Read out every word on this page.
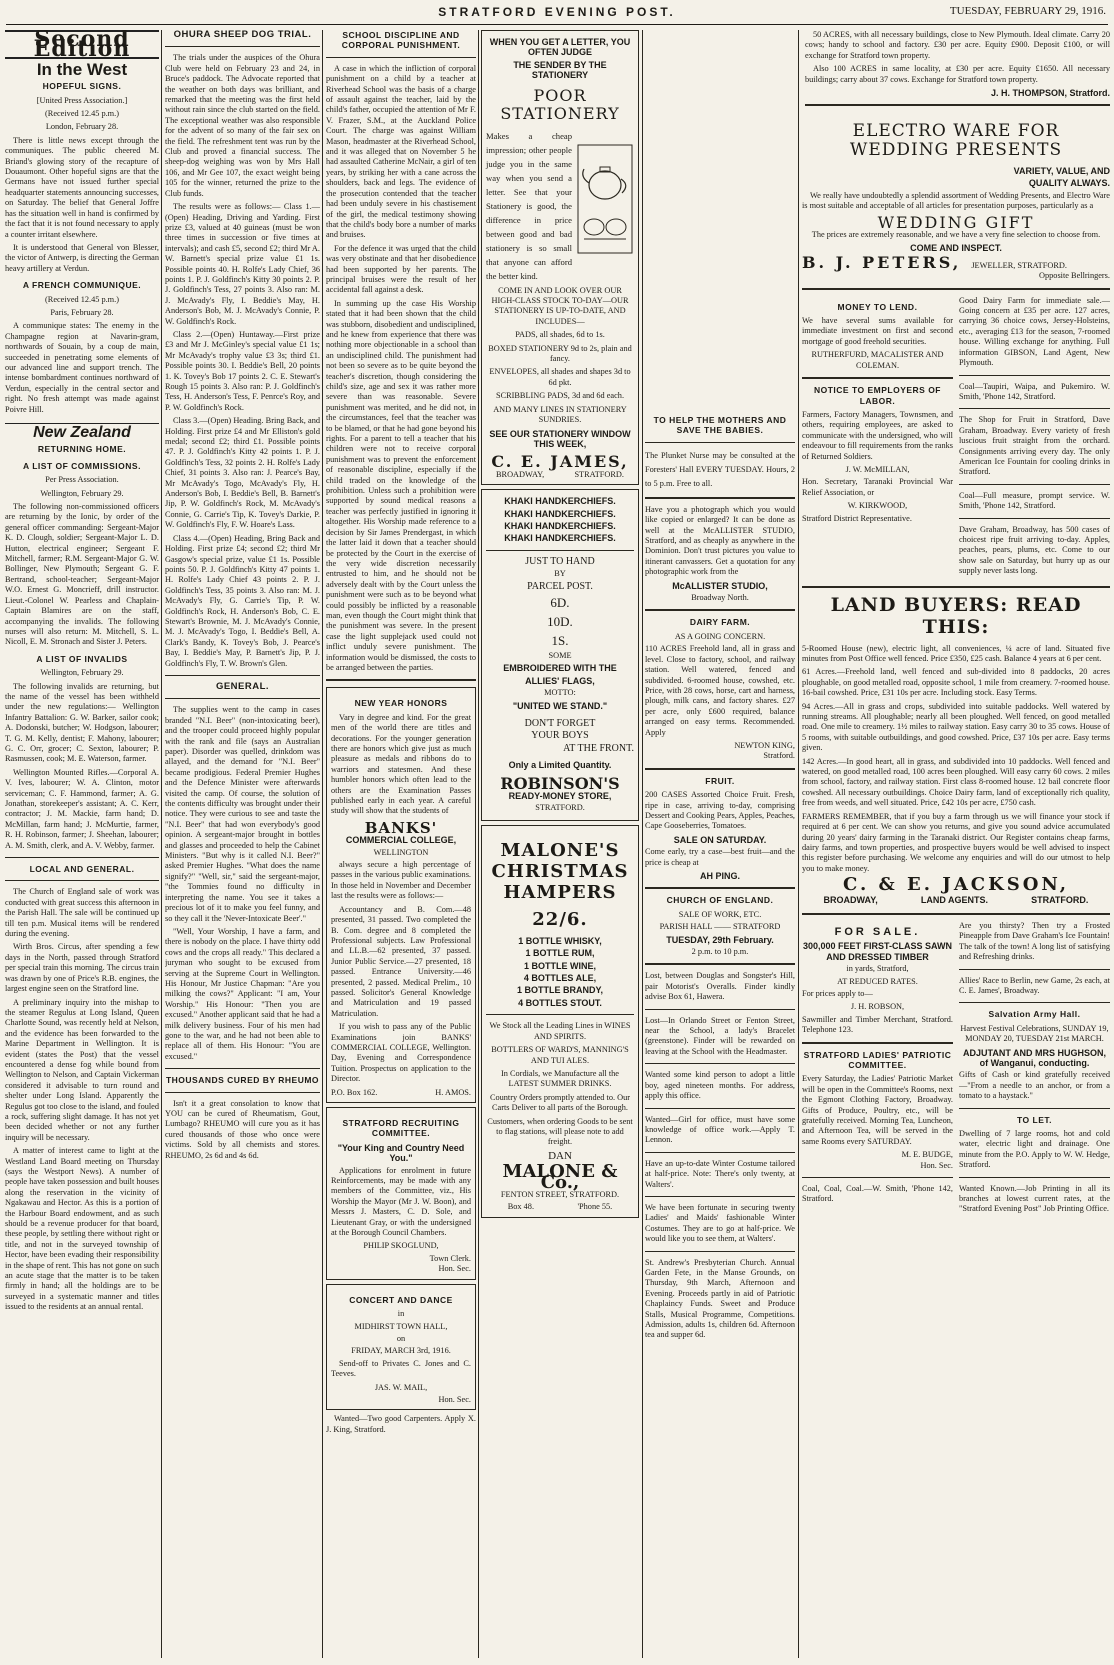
STRATFORD EVENING POST.	TUESDAY, FEBRUARY 29, 1916.
Second Edition
In the West
HOPEFUL SIGNS.

[United Press Association.]

(Received 12.45 p.m.)

London, February 28.

There is little news except through the communiques. The public cheered M. Briand's glowing story of the recapture of Douaumont. Other hopeful signs are that the Germans have not issued further special headquarter statements announcing successes, on Saturday. The belief that General Joffre has the situation well in hand is confirmed by the fact that it is not found necessary to apply a counter irritant elsewhere.

It is understood that General von Blesser, the victor of Antwerp, is directing the German heavy artillery at Verdun.

A FRENCH COMMUNIQUE.

(Received 12.45 p.m.)

Paris, February 28.

A communique states: The enemy in the Champagne region at Navarin-gram, northwards of Souain, by a coup de main, succeeded in penetrating some elements of our advanced line and support trench. The intense bombardment continues northward of Verdun, especially in the central sector and right. No fresh attempt was made against Poivre Hill.

New Zealand
RETURNING HOME.
A LIST OF COMMISSIONS.

Per Press Association.

Wellington, February 29.

The following non-commissioned officers are returning by the Ionic, by order of the general officer commanding: Sergeant-Major K. D. Clough, soldier; Sergeant-Major L. D. Hutton, electrical engineer; Sergeant F. Mitchell, farmer; R.M. Sergeant-Major G. W. Bollinger, New Plymouth; Sergeant G. F. Bertrand, school-teacher; Sergeant-Major W.O. Ernest G. Moncrieff, drill instructor. Lieut.-Colonel W. Pearless and Chaplain-Captain Blamires are on the staff, accompanying the invalids. The following nurses will also return: M. Mitchell, S. L. Nicoll, E. M. Stronach and Sister J. Peters.

A LIST OF INVALIDS

Wellington, February 29.

The following invalids are returning, but the name of the vessel has been withheld under the new regulations:— Wellington Infantry Battalion: G. W. Barker, sailor cook; A. Dodonski, butcher; W. Hodgson, labourer; T. G. M. Kelly, dentist; F. Mahony, labourer; G. C. Orr, grocer; C. Sexton, labourer; P. Rasmussen, cook; M. E. Waterson, farmer.

Wellington Mounted Rifles.—Corporal A. V. Ives, labourer; W. A. Clinton, motor serviceman; C. F. Hammond, farmer; A. G. Jonathan, storekeeper's assistant; A. C. Kerr, contractor; J. M. Mackie, farm hand; D. McMillan, farm hand; J. McMurtie, farmer, R. H. Robinson, farmer; J. Sheehan, labourer; A. M. Smith, clerk, and A. V. Webby, farmer.

LOCAL AND GENERAL.

The Church of England sale of work was conducted with great success this afternoon in the Parish Hall. The sale will be continued up till ten p.m. Musical items will be rendered during the evening.

Wirth Bros. Circus, after spending a few days in the North, passed through Stratford per special train this morning. The circus train was drawn by one of Price's R.B. engines, the largest engine seen on the Stratford line.

A preliminary inquiry into the mishap to the steamer Regulus at Long Island, Queen Charlotte Sound, was recently held at Nelson, and the evidence has been forwarded to the Marine Department in Wellington. It is evident (states the Post) that the vessel encountered a dense fog while bound from Wellington to Nelson, and Captain Vickerman considered it advisable to turn round and shelter under Long Island. Apparently the Regulus got too close to the island, and fouled a rock, suffering slight damage. It has not yet been decided whether or not any further inquiry will be necessary.

A matter of interest came to light at the Westland Land Board meeting on Thursday (says the Westport News). A number of people have taken possession and built houses along the reservation in the vicinity of Ngakawau and Hector. As this is a portion of the Harbour Board endowment, and as such should be a revenue producer for that board, these people, by settling there without right or title, and not in the surveyed township of Hector, have been evading their responsibility in the shape of rent. This has not gone on such an acute stage that the matter is to be taken firmly in hand; all the holdings are to be surveyed in a systematic manner and titles issued to the residents at an annual rental.

OHURA SHEEP DOG TRIAL.

The trials under the auspices of the Ohura Club were held on February 23 and 24, in Bruce's paddock. The Advocate reported that the weather on both days was brilliant, and remarked that the meeting was the first held without rain since the club started on the field. The exceptional weather was also responsible for the advent of so many of the fair sex on the field. The refreshment tent was run by the Club and proved a financial success. The sheep-dog weighing was won by Mrs Hall 106, and Mr Gee 107, the exact weight being 105 for the winner, returned the prize to the Club funds.

The results were as follows:— Class 1.—(Open) Heading, Driving and Yarding. First prize £3, valued at 40 guineas (must be won three times in succession or five times at intervals); and cash £5, second £2; third Mr A. W. Barnett's special prize value £1 1s. Possible points 40. H. Rolfe's Lady Chief, 36 points 1. P. J. Goldfinch's Kitty 30 points 2. P. J. Goldfinch's Tess, 27 points 3. Also ran: M. J. McAvady's Fly, I. Beddie's May, H. Anderson's Bob, M. J. McAvady's Connie, P. W. Goldfinch's Rock.

Class 2.—(Open) Huntaway.—First prize £3 and Mr J. McGinley's special value £1 1s; Mr McAvady's trophy value £3 3s; third £1. Possible points 30. I. Beddie's Bell, 20 points 1. K. Tovey's Bob 17 points 2. C. E. Stewart's Rough 15 points 3. Also ran: P. J. Goldfinch's Tess, H. Anderson's Tess, F. Penrce's Roy, and P. W. Goldfinch's Rock.

Class 3.—(Open) Heading. Bring Back, and Holding. First prize £4 and Mr Elliston's gold medal; second £2; third £1. Possible points 47. P. J. Goldfinch's Kitty 42 points 1. P. J. Goldfinch's Tess, 32 points 2. H. Rolfe's Lady Chief, 31 points 3. Also ran: J. Pearce's Bay, Mr McAvady's Togo, McAvady's Fly, H. Anderson's Bob, I. Beddie's Bell, B. Barnett's Jip, P. W. Goldfinch's Rock, M. McAvady's Connie, G. Carrie's Tip, K. Tovey's Darkie, P. W. Goldfinch's Fly, F. W. Hoare's Lass.

Class 4.—(Open) Heading, Bring Back and Holding. First prize £4; second £2; third Mr Gasgow's special prize, value £1 1s. Possible points 50. P. J. Goldfinch's Kitty 47 points 1. H. Rolfe's Lady Chief 43 points 2. P. J. Goldfinch's Tess, 35 points 3. Also ran: M. J. McAvady's Fly, G. Carrie's Tip, P. W. Goldfinch's Rock, H. Anderson's Bob, C. E. Stewart's Brownie, M. J. McAvady's Connie, M. J. McAvady's Togo, I. Beddie's Bell, A. Clark's Bandy, K. Tovey's Bob, J. Pearce's Bay, I. Beddie's May, P. Barnett's Jip, P. J. Goldfinch's Fly, T. W. Brown's Glen.

GENERAL.

The supplies went to the camp in cases branded "N.I. Beer" (non-intoxicating beer), and the trooper could proceed highly popular with the rank and file (says an Australian paper). Disorder was quelled, drinkdom was allayed, and the demand for "N.I. Beer" became prodigious. Federal Premier Hughes and the Defence Minister were afterwards visited the camp. Of course, the solution of the contents difficulty was brought under their notice. They were curious to see and taste the "N.I. Beer" that had won everybody's good opinion. A sergeant-major brought in bottles and glasses and proceeded to help the Cabinet Ministers. "But why is it called N.I. Beer?" asked Premier Hughes. "What does the name signify?" "Well, sir," said the sergeant-major, "the Tommies found no difficulty in interpreting the name. You see it takes a precious lot of it to make you feel funny, and so they call it the 'Never-Intoxicate Beer'."

"Well, Your Worship, I have a farm, and there is nobody on the place. I have thirty odd cows and the crops all ready." This declared a juryman who sought to be excused from serving at the Supreme Court in Wellington. His Honour, Mr Justice Chapman: "Are you milking the cows?" Applicant: "I am, Your Worship." His Honour: "Then you are excused." Another applicant said that he had a milk delivery business. Four of his men had gone to the war, and he had not been able to replace all of them. His Honour: "You are excused."

THOUSANDS CURED BY RHEUMO

Isn't it a great consolation to know that YOU can be cured of Rheumatism, Gout, Lumbago? RHEUMO will cure you as it has cured thousands of those who once were victims. Sold by all chemists and stores. RHEUMO, 2s 6d and 4s 6d.

SCHOOL DISCIPLINE AND CORPORAL PUNISHMENT.

A case in which the infliction of corporal punishment on a child by a teacher at Riverhead School was the basis of a charge of assault against the teacher, laid by the child's father, occupied the attention of Mr F. V. Frazer, S.M., at the Auckland Police Court. The charge was against William Mason, headmaster at the Riverhead School, and it was alleged that on November 5 he had assaulted Catherine McNair, a girl of ten years, by striking her with a cane across the shoulders, back and legs. The evidence of the prosecution contended that the teacher had been unduly severe in his chastisement of the girl, the medical testimony showing that the child's body bore a number of marks and bruises.

For the defence it was urged that the child was very obstinate and that her disobedience had been supported by her parents. The principal bruises were the result of her accidental fall against a desk.

In summing up the case His Worship stated that it had been shown that the child was stubborn, disobedient and undisciplined, and he knew from experience that there was nothing more objectionable in a school than an undisciplined child. The punishment had not been so severe as to be quite beyond the teacher's discretion, though considering the child's size, age and sex it was rather more severe than was reasonable. Severe punishment was merited, and he did not, in the circumstances, feel that the teacher was to be blamed, or that he had gone beyond his rights. For a parent to tell a teacher that his children were not to receive corporal punishment was to prevent the enforcement of reasonable discipline, especially if the child traded on the knowledge of the prohibition. Unless such a prohibition were supported by sound medical reasons a teacher was perfectly justified in ignoring it altogether. His Worship made reference to a decision by Sir James Prendergast, in which the latter laid it down that a teacher should be protected by the Court in the exercise of the very wide discretion necessarily entrusted to him, and he should not be adversely dealt with by the Court unless the punishment were such as to be beyond what could possibly be inflicted by a reasonable man, even though the Court might think that the punishment was severe. In the present case the light supplejack used could not inflict unduly severe punishment. The information would be dismissed, the costs to be arranged between the parties.

NEW YEAR HONORS

Vary in degree and kind. For the great men of the world there are titles and decorations. For the younger generation there are honors which give just as much pleasure as medals and ribbons do to warriors and statesmen. And these humbler honors which often lead to the others are the Examination Passes published early in each year. A careful study will show that the students of

BANKS'
COMMERCIAL COLLEGE,
WELLINGTON

always secure a high percentage of passes in the various public examinations. In those held in November and December last the results were as follows:—

Accountancy and B. Com.—48 presented, 31 passed. Two completed the B. Com. degree and 8 completed the Professional subjects. Law Professional and LL.B.—62 presented, 37 passed. Junior Public Service.—27 presented, 18 passed. Entrance University.—46 presented, 2 passed. Medical Prelim., 10 passed. Solicitor's General Knowledge and Matriculation and 19 passed Matriculation.

If you wish to pass any of the Public Examinations join BANKS' COMMERCIAL COLLEGE, Wellington. Day, Evening and Correspondence Tuition. Prospectus on application to the Director.

P.O. Box 162.	H. AMOS.
STRATFORD RECRUITING COMMITTEE.
"Your King and Country Need You."

Applications for enrolment in future Reinforcements, may be made with any members of the Committee, viz., His Worship the Mayor (Mr J. W. Boon), and Messrs J. Masters, C. D. Sole, and Lieutenant Gray, or with the undersigned at the Borough Council Chambers.

PHILIP SKOGLUND,
Town Clerk.
Hon. Sec.
CONCERT AND DANCE
in
MIDHIRST TOWN HALL,
on
FRIDAY, MARCH 3rd, 1916.

Send-off to Privates C. Jones and C. Teeves.

JAS. W. MAIL,
Hon. Sec.

Wanted—Two good Carpenters. Apply X. J. King, Stratford.

WHEN YOU GET A LETTER, YOU OFTEN JUDGE
THE SENDER BY THE STATIONERY
POOR STATIONERY

Makes a cheap impression; other people judge you in the same way when you send a letter. See that your Stationery is good, the difference in price between good and bad stationery is so small that anyone can afford the better kind.

COME IN AND LOOK OVER OUR HIGH-CLASS STOCK TO-DAY—OUR STATIONERY IS UP-TO-DATE, AND INCLUDES—

PADS, all shades, 6d to 1s.

BOXED STATIONERY 9d to 2s, plain and fancy.

ENVELOPES, all shades and shapes 3d to 6d pkt.

SCRIBBLING PADS, 3d and 6d each.

AND MANY LINES IN STATIONERY SUNDRIES.

SEE OUR STATIONERY WINDOW THIS WEEK,
C. E. JAMES,
BROADWAY,	STRATFORD.
KHAKI HANDKERCHIEFS.
KHAKI HANDKERCHIEFS.
KHAKI HANDKERCHIEFS.
KHAKI HANDKERCHIEFS.
JUST TO HAND
BY
PARCEL POST.
6D.
10D.
1S.
SOME
EMBROIDERED WITH THE
ALLIES' FLAGS,
MOTTO:
"UNITED WE STAND."
DON'T FORGET
YOUR BOYS
AT THE FRONT.
Only a Limited Quantity.
ROBINSON'S
READY-MONEY STORE,
STRATFORD.
MALONE'S CHRISTMAS HAMPERS
22/6.
1 BOTTLE WHISKY,
1 BOTTLE RUM,
1 BOTTLE WINE,
4 BOTTLES ALE,
1 BOTTLE BRANDY,
4 BOTTLES STOUT.

We Stock all the Leading Lines in WINES AND SPIRITS.

BOTTLERS OF WARD'S, MANNING'S AND TUI ALES.

In Cordials, we Manufacture all the LATEST SUMMER DRINKS.

Country Orders promptly attended to. Our Carts Deliver to all parts of the Borough.

Customers, when ordering Goods to be sent to flag stations, will please note to add freight.

DAN
MALONE & Co.,
FENTON STREET, STRATFORD.
Box 48.	'Phone 55.
TO HELP THE MOTHERS AND SAVE THE BABIES.

The Plunket Nurse may be consulted at the Foresters' Hall EVERY TUESDAY. Hours, 2 to 5 p.m. Free to all.

Have you a photograph which you would like copied or enlarged? It can be done as well at the McALLISTER STUDIO, Stratford, and as cheaply as anywhere in the Dominion. Don't trust pictures you value to itinerant canvassers. Get a quotation for any photographic work from the

McALLISTER STUDIO,
Broadway North.
DAIRY FARM.
AS A GOING CONCERN.

110 ACRES Freehold land, all in grass and level. Close to factory, school, and railway station. Well watered, fenced and subdivided. 6-roomed house, cowshed, etc. Price, with 28 cows, horse, cart and harness, plough, milk cans, and factory shares. £27 per acre, only £600 required, balance arranged on easy terms. Recommended. Apply

NEWTON KING,
Stratford.
FRUIT.

200 CASES Assorted Choice Fruit. Fresh, ripe in case, arriving to-day, comprising Dessert and Cooking Pears, Apples, Peaches, Cape Gooseberries, Tomatoes.

SALE ON SATURDAY.

Come early, try a case—best fruit—and the price is cheap at

AH PING.
CHURCH OF ENGLAND.
SALE OF WORK, ETC.
PARISH HALL —— STRATFORD
TUESDAY, 29th February.
2 p.m. to 10 p.m.

Lost, between Douglas and Songster's Hill, pair Motorist's Overalls. Finder kindly advise Box 61, Hawera.

Lost—In Orlando Street or Fenton Street, near the School, a lady's Bracelet (greenstone). Finder will be rewarded on leaving at the School with the Headmaster.

Wanted some kind person to adopt a little boy, aged nineteen months. For address, apply this office.

Wanted—Girl for office, must have some knowledge of office work.—Apply T. Lennon.

Have an up-to-date Winter Costume tailored at half-price. Note: There's only twenty, at Walters'.

We have been fortunate in securing twenty Ladies' and Maids' fashionable Winter Costumes. They are to go at half-price. We would like you to see them, at Walters'.

St. Andrew's Presbyterian Church. Annual Garden Fete, in the Manse Grounds, on Thursday, 9th March, Afternoon and Evening. Proceeds partly in aid of Patriotic Chaplaincy Funds. Sweet and Produce Stalls, Musical Programme, Competitions. Admission, adults 1s, children 6d. Afternoon tea and supper 6d.

50 ACRES, with all necessary buildings, close to New Plymouth. Ideal climate. Carry 20 cows; handy to school and factory. £30 per acre. Equity £900. Deposit £100, or will exchange for Stratford town property.

Also 100 ACRES in same locality, at £30 per acre. Equity £1650. All necessary buildings; carry about 37 cows. Exchange for Stratford town property.

J. H. THOMPSON, Stratford.
ELECTRO WARE FOR WEDDING PRESENTS
VARIETY, VALUE, AND
QUALITY ALWAYS.

We really have undoubtedly a splendid assortment of Wedding Presents, and Electro Ware is most suitable and acceptable of all articles for presentation purposes, particularly as a

WEDDING GIFT

The prices are extremely reasonable, and we have a very fine selection to choose from.

COME AND INSPECT.
B. J. PETERS, JEWELLER, STRATFORD.
Opposite Bellringers.
MONEY TO LEND.

We have several sums available for immediate investment on first and second mortgage of good freehold securities.

RUTHERFURD, MACALISTER AND COLEMAN.
NOTICE TO EMPLOYERS OF LABOR.

Farmers, Factory Managers, Townsmen, and others, requiring employees, are asked to communicate with the undersigned, who will endeavour to fill requirements from the ranks of Returned Soldiers.

J. W. McMILLAN,

Hon. Secretary, Taranaki Provincial War Relief Association, or

W. KIRKWOOD,

Stratford District Representative.

Good Dairy Farm for immediate sale.—Going concern at £35 per acre. 127 acres, carrying 36 choice cows, Jersey-Holsteins, etc., averaging £13 for the season, 7-roomed house. Willing exchange for anything. Full information GIBSON, Land Agent, New Plymouth.

Coal—Taupiri, Waipa, and Pukemiro. W. Smith, 'Phone 142, Stratford.

The Shop for Fruit in Stratford, Dave Graham, Broadway. Every variety of fresh luscious fruit straight from the orchard. Consignments arriving every day. The only American Ice Fountain for cooling drinks in Stratford.

Coal—Full measure, prompt service. W. Smith, 'Phone 142, Stratford.

Dave Graham, Broadway, has 500 cases of choicest ripe fruit arriving to-day. Apples, peaches, pears, plums, etc. Come to our show sale on Saturday, but hurry up as our supply never lasts long.

LAND BUYERS: READ THIS:

5-Roomed House (new), electric light, all conveniences, ¼ acre of land. Situated five minutes from Post Office well fenced. Price £350, £25 cash. Balance 4 years at 6 per cent.

61 Acres.—Freehold land, well fenced and sub-divided into 8 paddocks, 20 acres ploughable, on good metalled road, opposite school, 1 mile from creamery. 7-roomed house. 16-bail cowshed. Price, £31 10s per acre. Including stock. Easy Terms.

94 Acres.—All in grass and crops, subdivided into suitable paddocks. Well watered by running streams. All ploughable; nearly all been ploughed. Well fenced, on good metalled road. One mile to creamery. 1½ miles to railway station. Easy carry 30 to 35 cows. House of 5 rooms, with suitable outbuildings, and good cowshed. Price, £37 10s per acre. Easy terms given.

142 Acres.—In good heart, all in grass, and subdivided into 10 paddocks. Well fenced and watered, on good metalled road, 100 acres been ploughed. Will easy carry 60 cows. 2 miles from school, factory, and railway station. First class 8-roomed house. 12 bail concrete floor cowshed. All necessary outbuildings. Choice Dairy farm, land of exceptionally rich quality, free from weeds, and well situated. Price, £42 10s per acre, £750 cash.

FARMERS REMEMBER, that if you buy a farm through us we will finance your stock if required at 6 per cent. We can show you returns, and give you sound advice accumulated during 20 years' dairy farming in the Taranaki district. Our Register contains cheap farms, dairy farms, and town properties, and prospective buyers would be well advised to inspect this register before purchasing. We welcome any enquiries and will do our utmost to help you to make money.

C. & E. JACKSON,
BROADWAY,	LAND AGENTS.	STRATFORD.
FOR SALE.
300,000 FEET FIRST-CLASS SAWN AND DRESSED TIMBER
in yards, Stratford,
AT REDUCED RATES.

For prices apply to—

J. H. ROBSON,

Sawmiller and Timber Merchant, Stratford. Telephone 123.

STRATFORD LADIES' PATRIOTIC COMMITTEE.

Every Saturday, the Ladies' Patriotic Market will be open in the Committee's Rooms, next the Egmont Clothing Factory, Broadway. Gifts of Produce, Poultry, etc., will be gratefully received. Morning Tea, Luncheon, and Afternoon Tea, will be served in the same Rooms every SATURDAY.

M. E. BUDGE,
Hon. Sec.

Coal, Coal, Coal.—W. Smith, 'Phone 142, Stratford.

Are you thirsty? Then try a Frosted Pineapple from Dave Graham's Ice Fountain! The talk of the town! A long list of satisfying and Refreshing drinks.

Allies' Race to Berlin, new Game, 2s each, at C. E. James', Broadway.

Salvation Army Hall.

Harvest Festival Celebrations, SUNDAY 19, MONDAY 20, TUESDAY 21st MARCH.

ADJUTANT AND MRS HUGHSON, of Wanganui, conducting.

Gifts of Cash or kind gratefully received—"From a needle to an anchor, or from a tomato to a haystack."

TO LET.

Dwelling of 7 large rooms, hot and cold water, electric light and drainage. One minute from the P.O. Apply to W. W. Hedge, Stratford.

Wanted Known.—Job Printing in all its branches at lowest current rates, at the "Stratford Evening Post" Job Printing Office.
